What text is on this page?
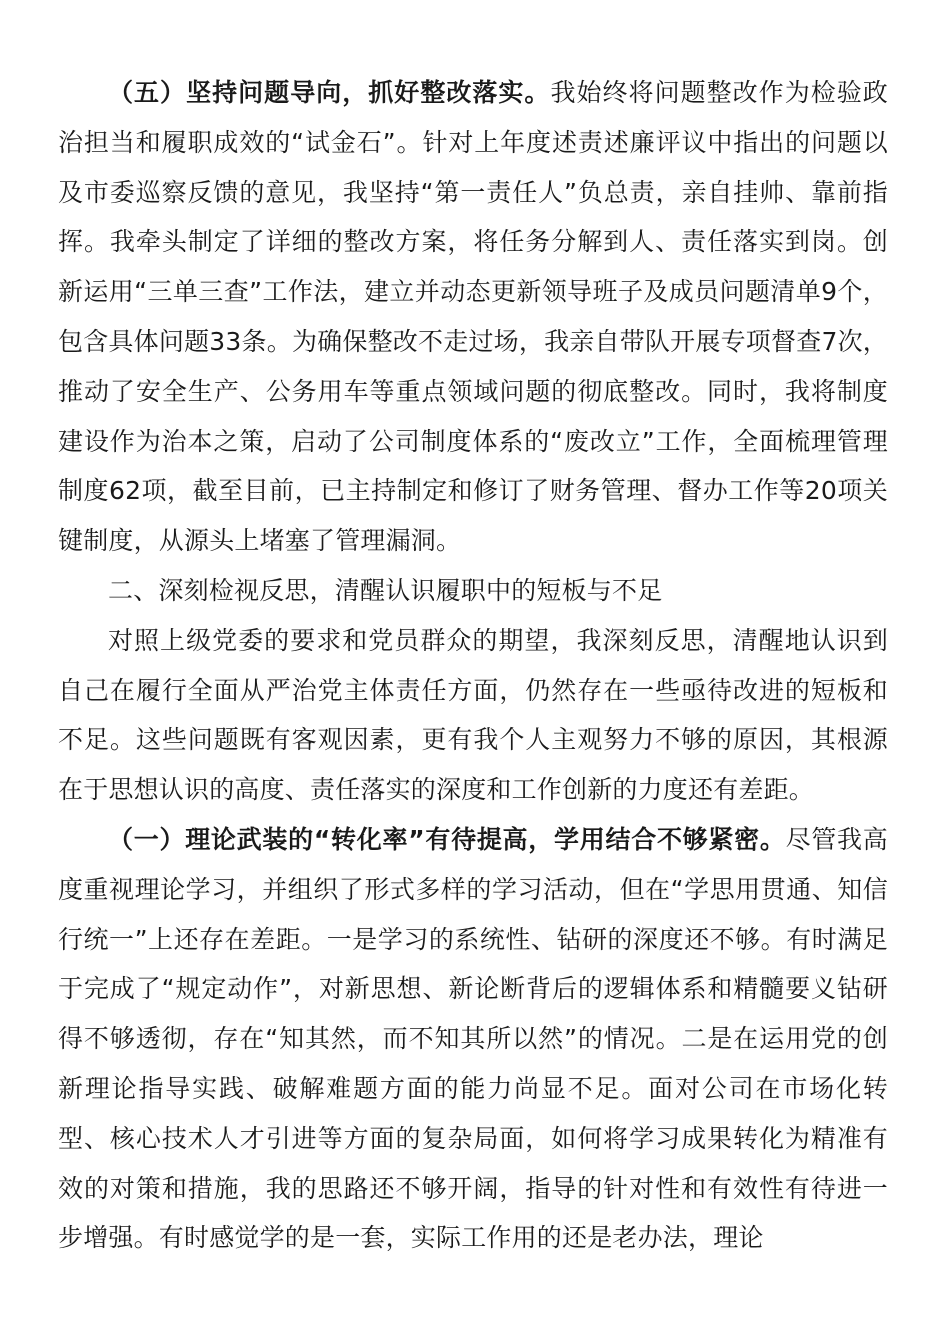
（五）坚持问题导向，抓好整改落实。我始终将问题整改作为检验政治担当和履职成效的“试金石”。针对上年度述责述廉评议中指出的问题以及市委巡察反馈的意见，我坚持“第一责任人”负总责，亲自挂帅、靠前指挥。我牵头制定了详细的整改方案，将任务分解到人、责任落实到岗。创新运用“三单三查”工作法，建立并动态更新领导班子及成员问题清单9个，包含具体问题33条。为确保整改不走过场，我亲自带队开展专项督查7次，推动了安全生产、公务用车等重点领域问题的彻底整改。同时，我将制度建设作为治本之策，启动了公司制度体系的“废改立”工作，全面梳理管理制度62项，截至目前，已主持制定和修订了财务管理、督办工作等20项关键制度，从源头上堵塞了管理漏洞。

二、深刻检视反思，清醒认识履职中的短板与不足

对照上级党委的要求和党员群众的期望，我深刻反思，清醒地认识到自己在履行全面从严治党主体责任方面，仍然存在一些亟待改进的短板和不足。这些问题既有客观因素，更有我个人主观努力不够的原因，其根源在于思想认识的高度、责任落实的深度和工作创新的力度还有差距。

（一）理论武装的“转化率”有待提高，学用结合不够紧密。尽管我高度重视理论学习，并组织了形式多样的学习活动，但在“学思用贯通、知信行统一”上还存在差距。一是学习的系统性、钻研的深度还不够。有时满足于完成了“规定动作”，对新思想、新论断背后的逻辑体系和精髓要义钻研得不够透彻，存在“知其然，而不知其所以然”的情况。二是在运用党的创新理论指导实践、破解难题方面的能力尚显不足。面对公司在市场化转型、核心技术人才引进等方面的复杂局面，如何将学习成果转化为精准有效的对策和措施，我的思路还不够开阔，指导的针对性和有效性有待进一步增强。有时感觉学的是一套，实际工作用的还是老办法，理论
